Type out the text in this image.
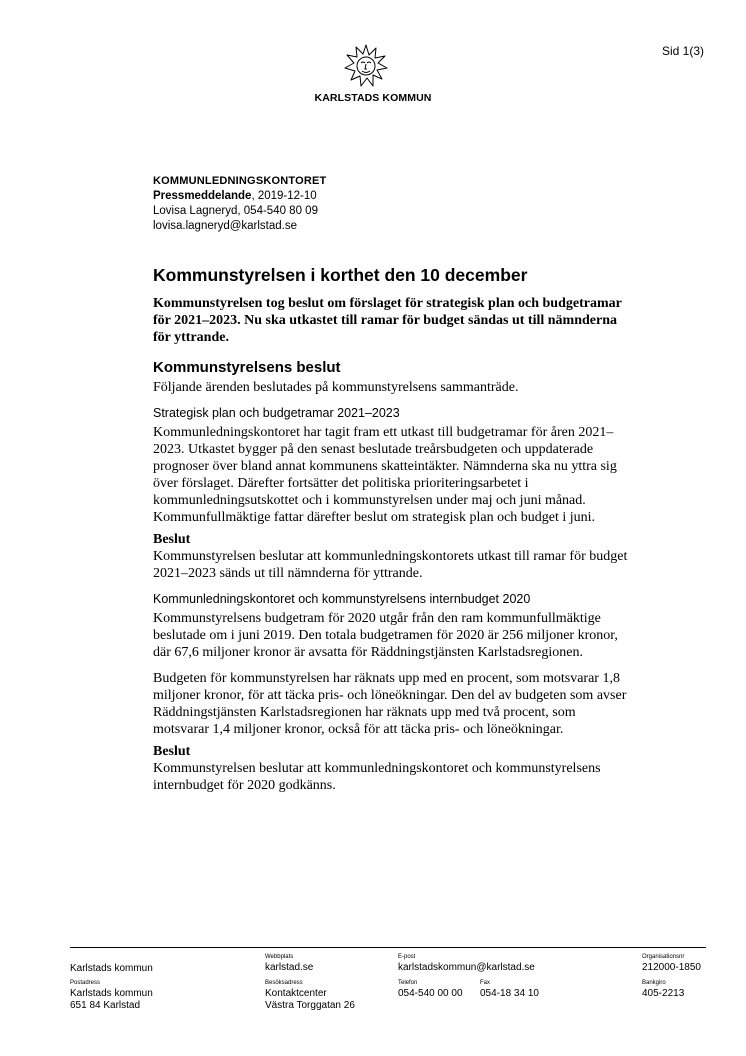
Sid 1(3)
KARLSTADS KOMMUN
KOMMUNLEDNINGSKONTORET
Pressmeddelande, 2019-12-10
Lovisa Lagneryd, 054-540 80 09
lovisa.lagneryd@karlstad.se
Kommunstyrelsen i korthet den 10 december

Kommunstyrelsen tog beslut om förslaget för strategisk plan och budgetramar för 2021–2023. Nu ska utkastet till ramar för budget sändas ut till nämnderna för yttrande.

Kommunstyrelsens beslut

Följande ärenden beslutades på kommunstyrelsens sammanträde.

Strategisk plan och budgetramar 2021–2023

Kommunledningskontoret har tagit fram ett utkast till budgetramar för åren 2021–2023. Utkastet bygger på den senast beslutade treårsbudgeten och uppdaterade prognoser över bland annat kommunens skatteintäkter. Nämnderna ska nu yttra sig över förslaget. Därefter fortsätter det politiska prioriteringsarbetet i kommunledningsutskottet och i kommunstyrelsen under maj och juni månad. Kommunfullmäktige fattar därefter beslut om strategisk plan och budget i juni.

Beslut

Kommunstyrelsen beslutar att kommunledningskontorets utkast till ramar för budget 2021–2023 sänds ut till nämnderna för yttrande.

Kommunledningskontoret och kommunstyrelsens internbudget 2020

Kommunstyrelsens budgetram för 2020 utgår från den ram kommunfullmäktige beslutade om i juni 2019. Den totala budgetramen för 2020 är 256 miljoner kronor, där 67,6 miljoner kronor är avsatta för Räddningstjänsten Karlstadsregionen.

Budgeten för kommunstyrelsen har räknats upp med en procent, som motsvarar 1,8 miljoner kronor, för att täcka pris- och löneökningar. Den del av budgeten som avser Räddningstjänsten Karlstadsregionen har räknats upp med två procent, som motsvarar 1,4 miljoner kronor, också för att täcka pris- och löneökningar.

Beslut

Kommunstyrelsen beslutar att kommunledningskontoret och kommunstyrelsens internbudget för 2020 godkänns.

Karlstads kommun
Webbplats
karlstad.se
E-post
karlstadskommun@karlstad.se
Organisationsnr
212000-1850
Postadress
Karlstads kommun
651 84 Karlstad
Besöksadress
Kontaktcenter
Västra Torggatan 26
Telefon
054-540 00 00
Fax
054-18 34 10
Bankgiro
405-2213
